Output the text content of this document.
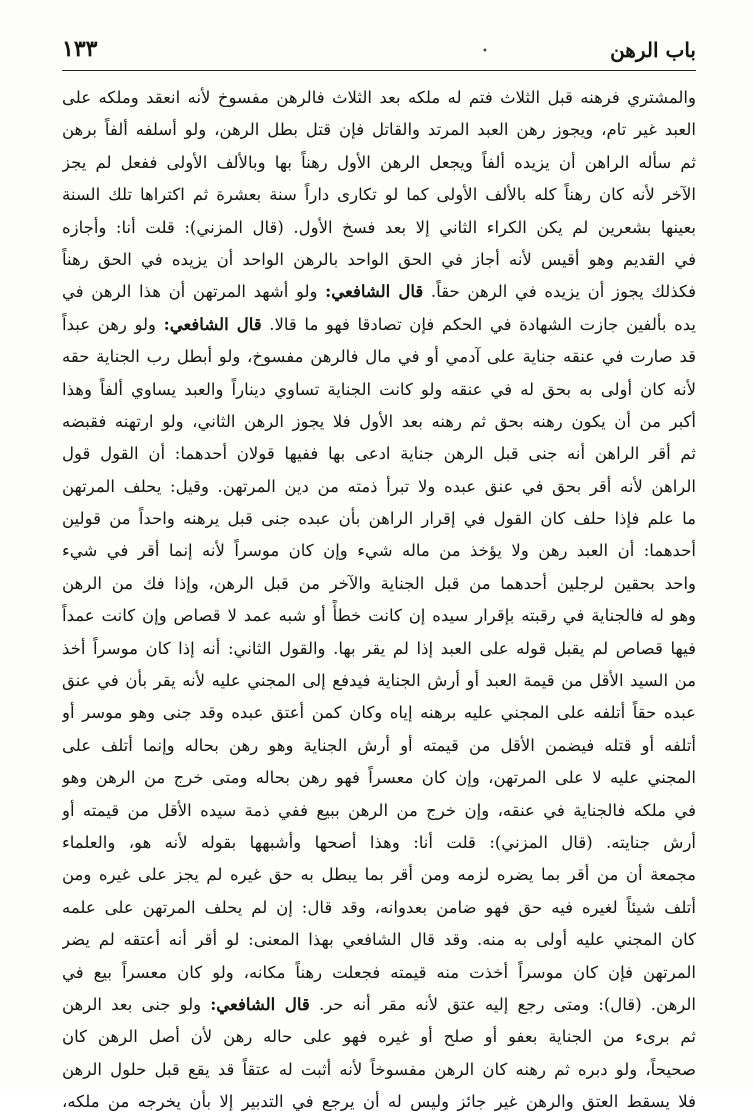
باب الرهن
•
١٣٣
والمشتري فرهنه قبل الثلاث فتم له ملكه بعد الثلاث فالرهن مفسوخ لأنه انعقد وملكه على
العبد غير تام، ويجوز رهن العبد المرتد والقاتل فإن قتل بطل الرهن، ولو أسلفه ألفاً برهن
ثم سأله الراهن أن يزيده ألفاً ويجعل الرهن الأول رهناً بها وبالألف الأولى ففعل لم يجز
الآخر لأنه كان رهناً كله بالألف الأولى كما لو تكارى داراً سنة بعشرة ثم اكتراها تلك السنة
بعينها بشعرين لم يكن الكراء الثاني إلا بعد فسخ الأول. (قال المزني): قلت أنا: وأجازه
في القديم وهو أقيس لأنه أجاز في الحق الواحد بالرهن الواحد أن يزيده في الحق رهناً
فكذلك يجوز أن يزيده في الرهن حقاً. قال الشافعي: ولو أشهد المرتهن أن هذا الرهن في
يده بألفين جازت الشهادة في الحكم فإن تصادقا فهو ما قالا. قال الشافعي: ولو رهن عبداً
قد صارت في عنقه جناية على آدمي أو في مال فالرهن مفسوخ، ولو أبطل رب الجناية حقه
لأنه كان أولى به بحق له في عنقه ولو كانت الجناية تساوي ديناراً والعبد يساوي ألفاً وهذا
أكبر من أن يكون رهنه بحق ثم رهنه بعد الأول فلا يجوز الرهن الثاني، ولو ارتهنه فقبضه
ثم أقر الراهن أنه جنى قبل الرهن جناية ادعى بها ففيها قولان أحدهما: أن القول قول
الراهن لأنه أقر بحق في عنق عبده ولا تبرأ ذمته من دين المرتهن. وقيل: يحلف المرتهن
ما علم فإذا حلف كان القول في إقرار الراهن بأن عبده جنى قبل يرهنه واحداً من قولين
أحدهما: أن العبد رهن ولا يؤخذ من ماله شيء وإن كان موسراً لأنه إنما أقر في شيء
واحد بحقين لرجلين أحدهما من قبل الجناية والآخر من قبل الرهن، وإذا فك من الرهن
وهو له فالجناية في رقبته بإقرار سيده إن كانت خطأً أو شبه عمد لا قصاص وإن كانت عمداً
فيها قصاص لم يقبل قوله على العبد إذا لم يقر بها. والقول الثاني: أنه إذا كان موسراً أخذ
من السيد الأقل من قيمة العبد أو أرش الجناية فيدفع إلى المجني عليه لأنه يقر بأن في عنق
عبده حقاً أتلفه على المجني عليه برهنه إياه وكان كمن أعتق عبده وقد جنى وهو موسر أو
أتلفه أو قتله فيضمن الأقل من قيمته أو أرش الجناية وهو رهن بحاله وإنما أتلف على
المجني عليه لا على المرتهن، وإن كان معسراً فهو رهن بحاله ومتى خرج من الرهن وهو
في ملكه فالجناية في عنقه، وإن خرج من الرهن ببيع ففي ذمة سيده الأقل من قيمته أو
أرش جنايته. (قال المزني): قلت أنا: وهذا أصحها وأشبهها بقوله لأنه هو، والعلماء
مجمعة أن من أقر بما يضره لزمه ومن أقر بما يبطل به حق غيره لم يجز على غيره ومن
أتلف شيئاً لغيره فيه حق فهو ضامن بعدوانه، وقد قال: إن لم يحلف المرتهن على علمه
كان المجني عليه أولى به منه. وقد قال الشافعي بهذا المعنى: لو أقر أنه أعتقه لم يضر
المرتهن فإن كان موسراً أخذت منه قيمته فجعلت رهناً مكانه، ولو كان معسراً بيع في
الرهن. (قال): ومتى رجع إليه عتق لأنه مقر أنه حر. قال الشافعي: ولو جنى بعد الرهن
ثم برىء من الجناية بعفو أو صلح أو غيره فهو على حاله رهن لأن أصل الرهن كان
صحيحاً، ولو دبره ثم رهنه كان الرهن مفسوخاً لأنه أثبت له عتقاً قد يقع قبل حلول الرهن
فلا يسقط العتق والرهن غير جائز وليس له أن يرجع في التدبير إلا بأن يخرجه من ملكه،
